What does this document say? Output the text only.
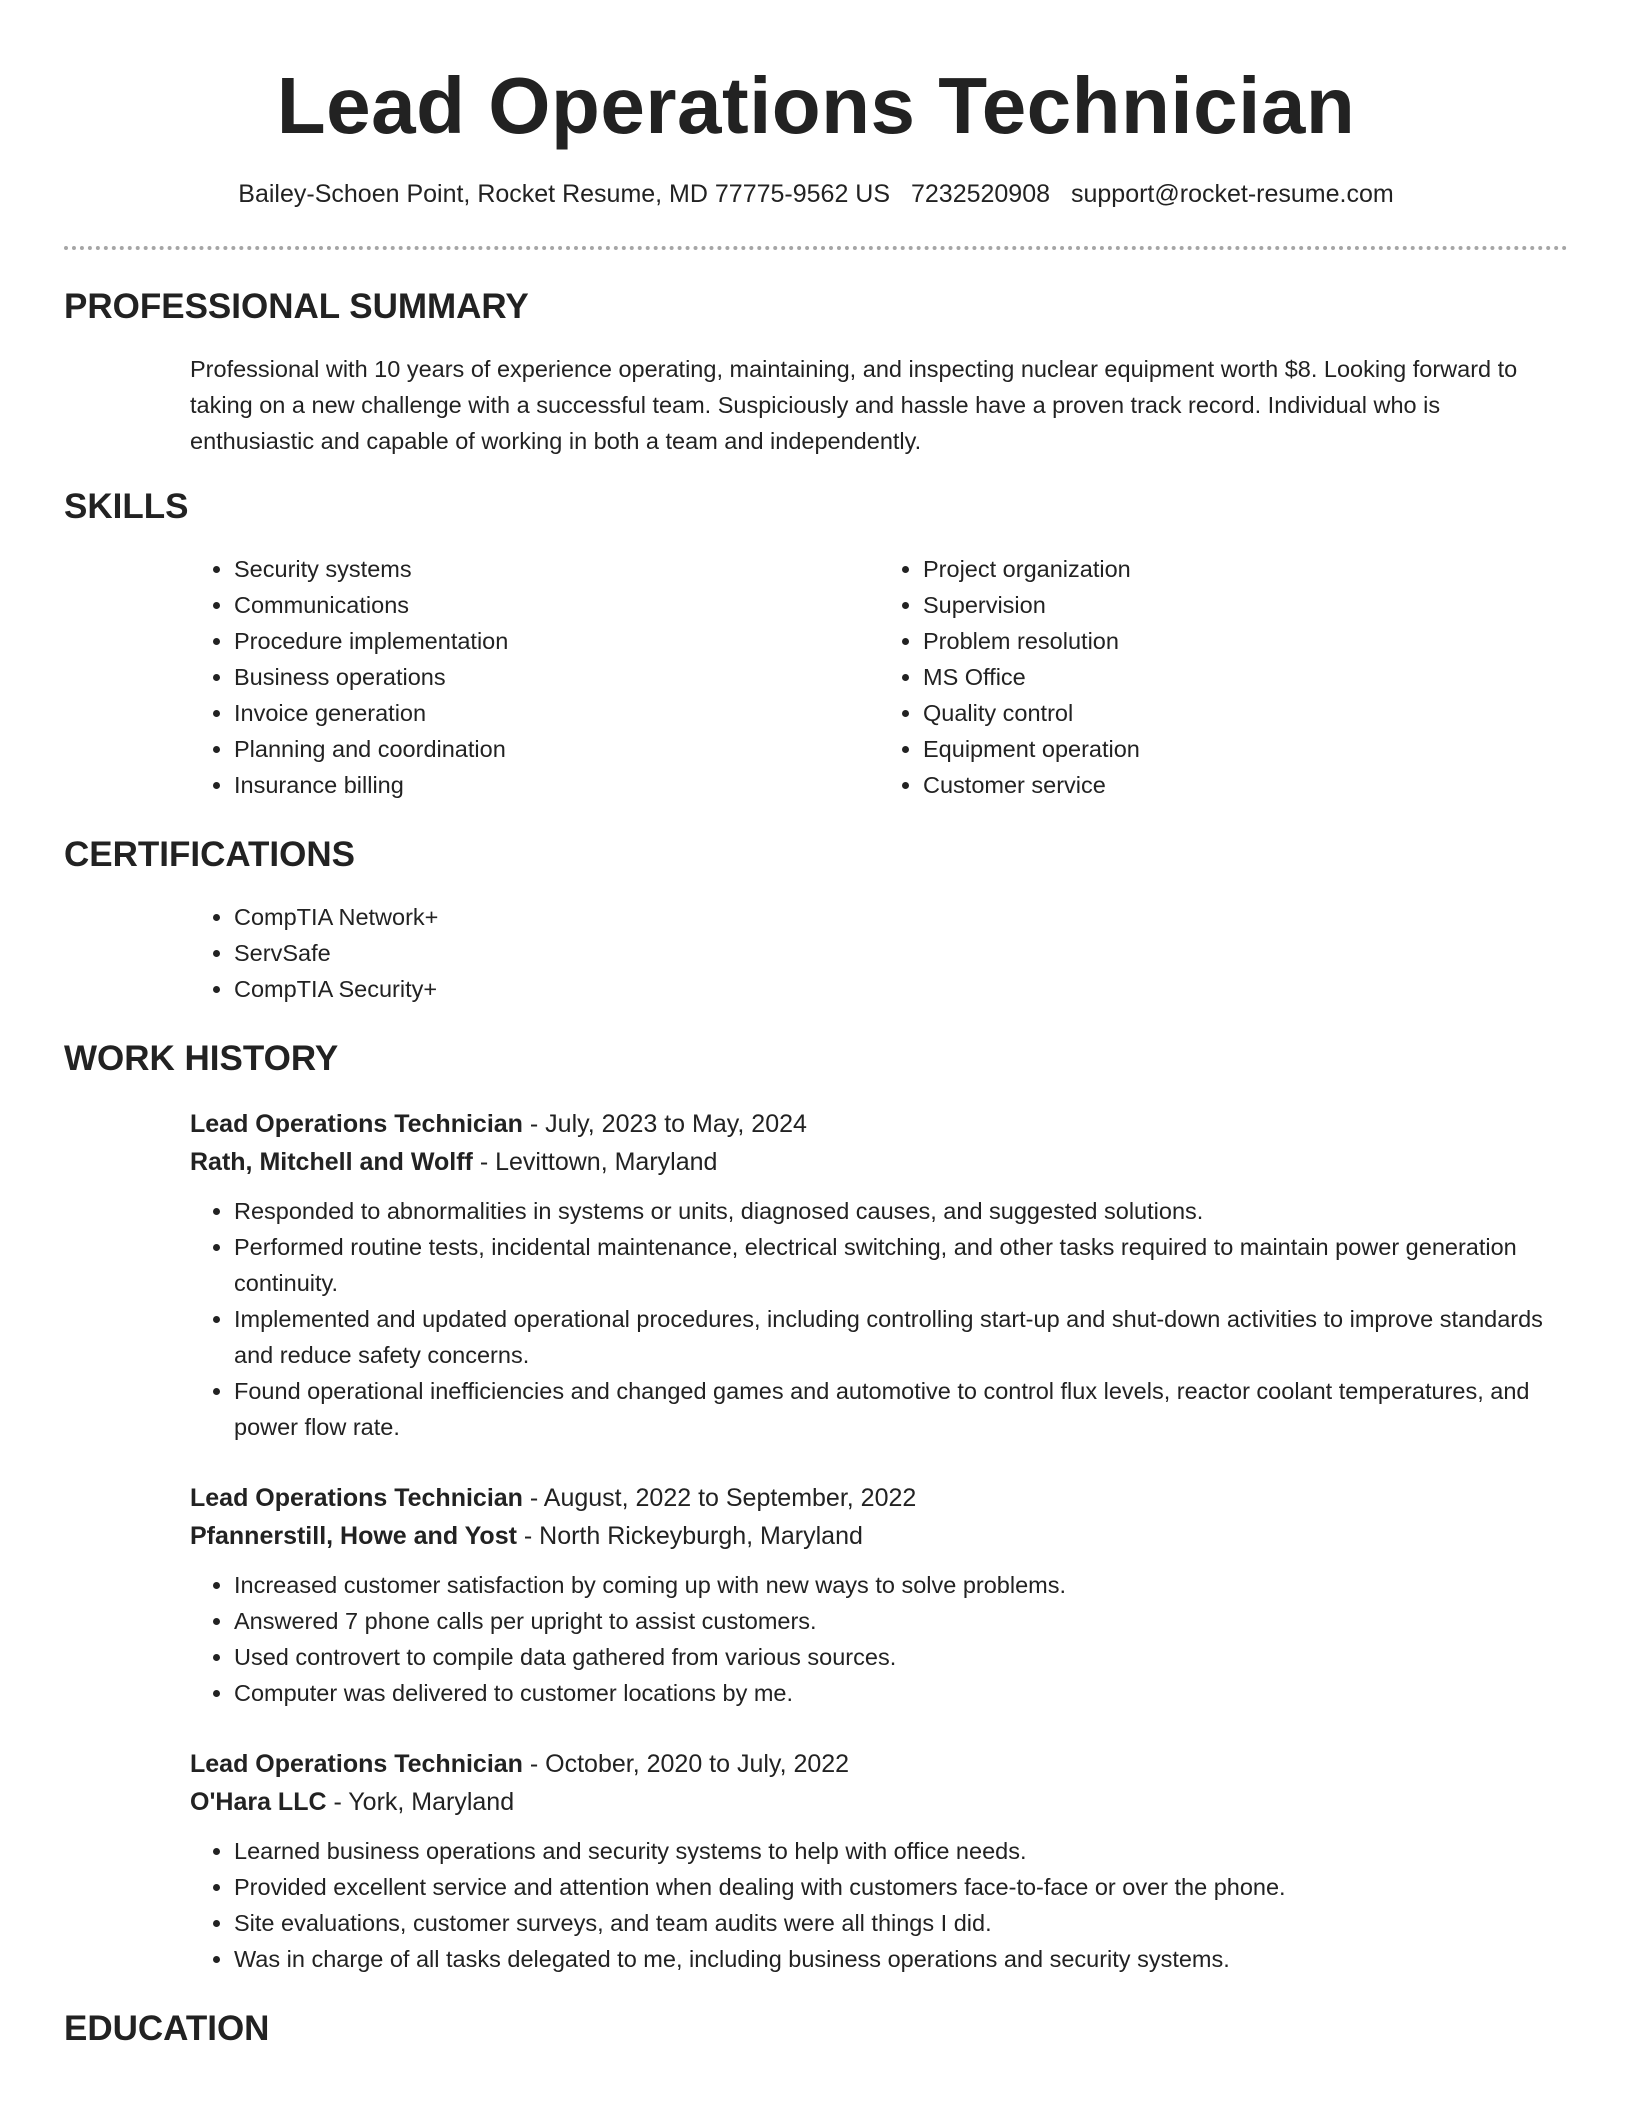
Lead Operations Technician
Bailey-Schoen Point, Rocket Resume, MD 77775-9562 US 7232520908 support@rocket-resume.com
PROFESSIONAL SUMMARY
Professional with 10 years of experience operating, maintaining, and inspecting nuclear equipment worth $8. Looking forward to taking on a new challenge with a successful team. Suspiciously and hassle have a proven track record. Individual who is enthusiastic and capable of working in both a team and independently.
SKILLS
• Security systems
• Communications
• Procedure implementation
• Business operations
• Invoice generation
• Planning and coordination
• Insurance billing
• Project organization
• Supervision
• Problem resolution
• MS Office
• Quality control
• Equipment operation
• Customer service
CERTIFICATIONS
• CompTIA Network+
• ServSafe
• CompTIA Security+
WORK HISTORY
Lead Operations Technician - July, 2023 to May, 2024
Rath, Mitchell and Wolff - Levittown, Maryland
• Responded to abnormalities in systems or units, diagnosed causes, and suggested solutions.
• Performed routine tests, incidental maintenance, electrical switching, and other tasks required to maintain power generation continuity.
• Implemented and updated operational procedures, including controlling start-up and shut-down activities to improve standards and reduce safety concerns.
• Found operational inefficiencies and changed games and automotive to control flux levels, reactor coolant temperatures, and power flow rate.
Lead Operations Technician - August, 2022 to September, 2022
Pfannerstill, Howe and Yost - North Rickeyburgh, Maryland
• Increased customer satisfaction by coming up with new ways to solve problems.
• Answered 7 phone calls per upright to assist customers.
• Used controvert to compile data gathered from various sources.
• Computer was delivered to customer locations by me.
Lead Operations Technician - October, 2020 to July, 2022
O'Hara LLC - York, Maryland
• Learned business operations and security systems to help with office needs.
• Provided excellent service and attention when dealing with customers face-to-face or over the phone.
• Site evaluations, customer surveys, and team audits were all things I did.
• Was in charge of all tasks delegated to me, including business operations and security systems.
EDUCATION
